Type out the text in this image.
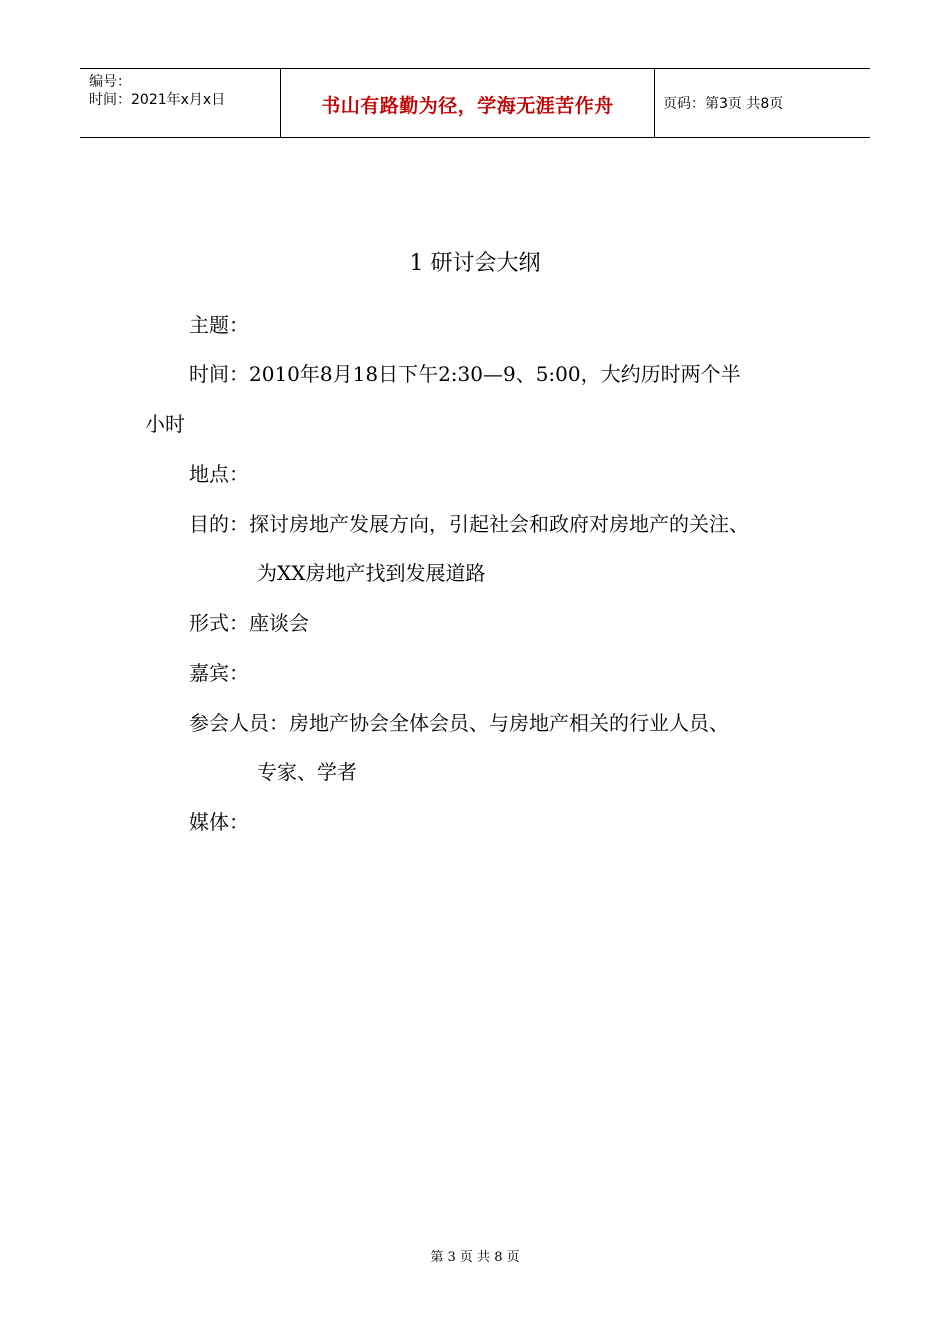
编号：
时间：2021年x月x日	书山有路勤为径，学海无涯苦作舟	页码：第3页 共8页
1 研讨会大纲
主题：
时间：2010年8月18日下午2:30—9、5:00，大约历时两个半
小时
地点：
目的：探讨房地产发展方向，引起社会和政府对房地产的关注、
为XX房地产找到发展道路
形式：座谈会
嘉宾：
参会人员：房地产协会全体会员、与房地产相关的行业人员、
专家、学者
媒体：
第 3 页 共 8 页
